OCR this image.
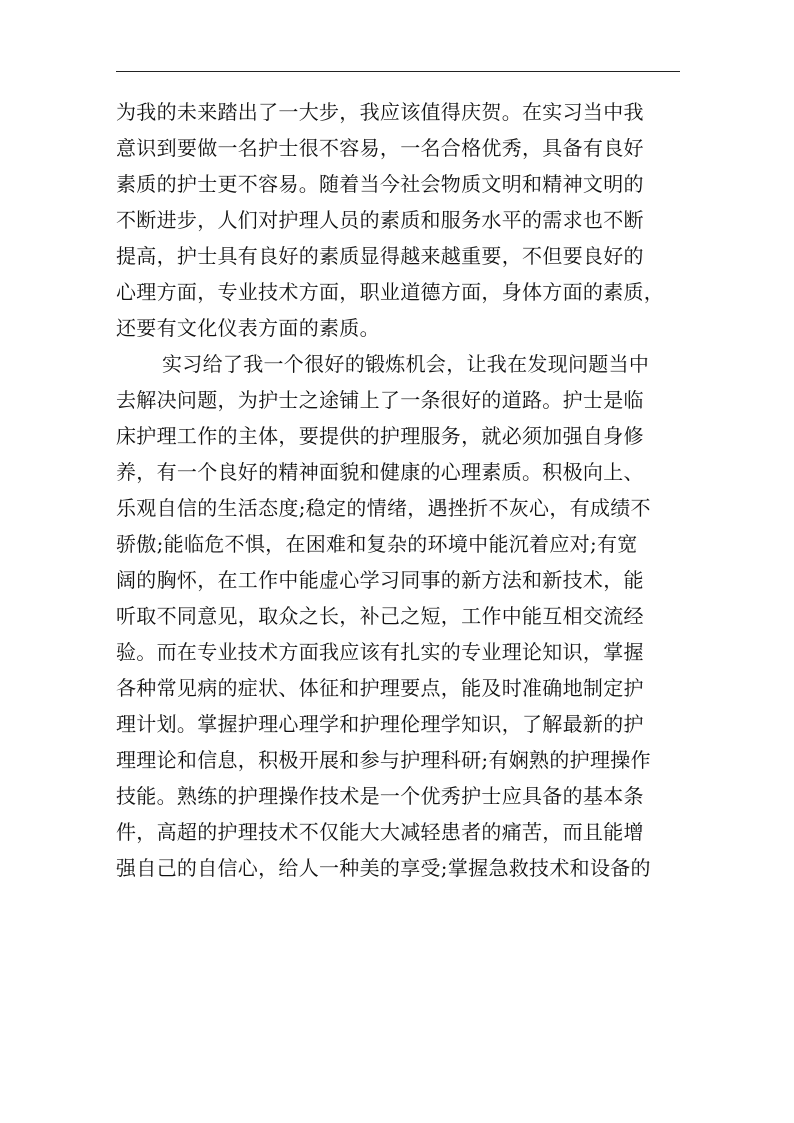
为我的未来踏出了一大步，我应该值得庆贺。在实习当中我
意识到要做一名护士很不容易，一名合格优秀，具备有良好
素质的护士更不容易。随着当今社会物质文明和精神文明的
不断进步，人们对护理人员的素质和服务水平的需求也不断
提高，护士具有良好的素质显得越来越重要，不但要良好的
心理方面，专业技术方面，职业道德方面，身体方面的素质，
还要有文化仪表方面的素质。
实习给了我一个很好的锻炼机会，让我在发现问题当中
去解决问题，为护士之途铺上了一条很好的道路。护士是临
床护理工作的主体，要提供的护理服务，就必须加强自身修
养，有一个良好的精神面貌和健康的心理素质。积极向上、
乐观自信的生活态度;稳定的情绪，遇挫折不灰心，有成绩不
骄傲;能临危不惧，在困难和复杂的环境中能沉着应对;有宽
阔的胸怀，在工作中能虚心学习同事的新方法和新技术，能
听取不同意见，取众之长，补己之短，工作中能互相交流经
验。而在专业技术方面我应该有扎实的专业理论知识，掌握
各种常见病的症状、体征和护理要点，能及时准确地制定护
理计划。掌握护理心理学和护理伦理学知识，了解最新的护
理理论和信息，积极开展和参与护理科研;有娴熟的护理操作
技能。熟练的护理操作技术是一个优秀护士应具备的基本条
件，高超的护理技术不仅能大大减轻患者的痛苦，而且能增
强自己的自信心，给人一种美的享受;掌握急救技术和设备的
